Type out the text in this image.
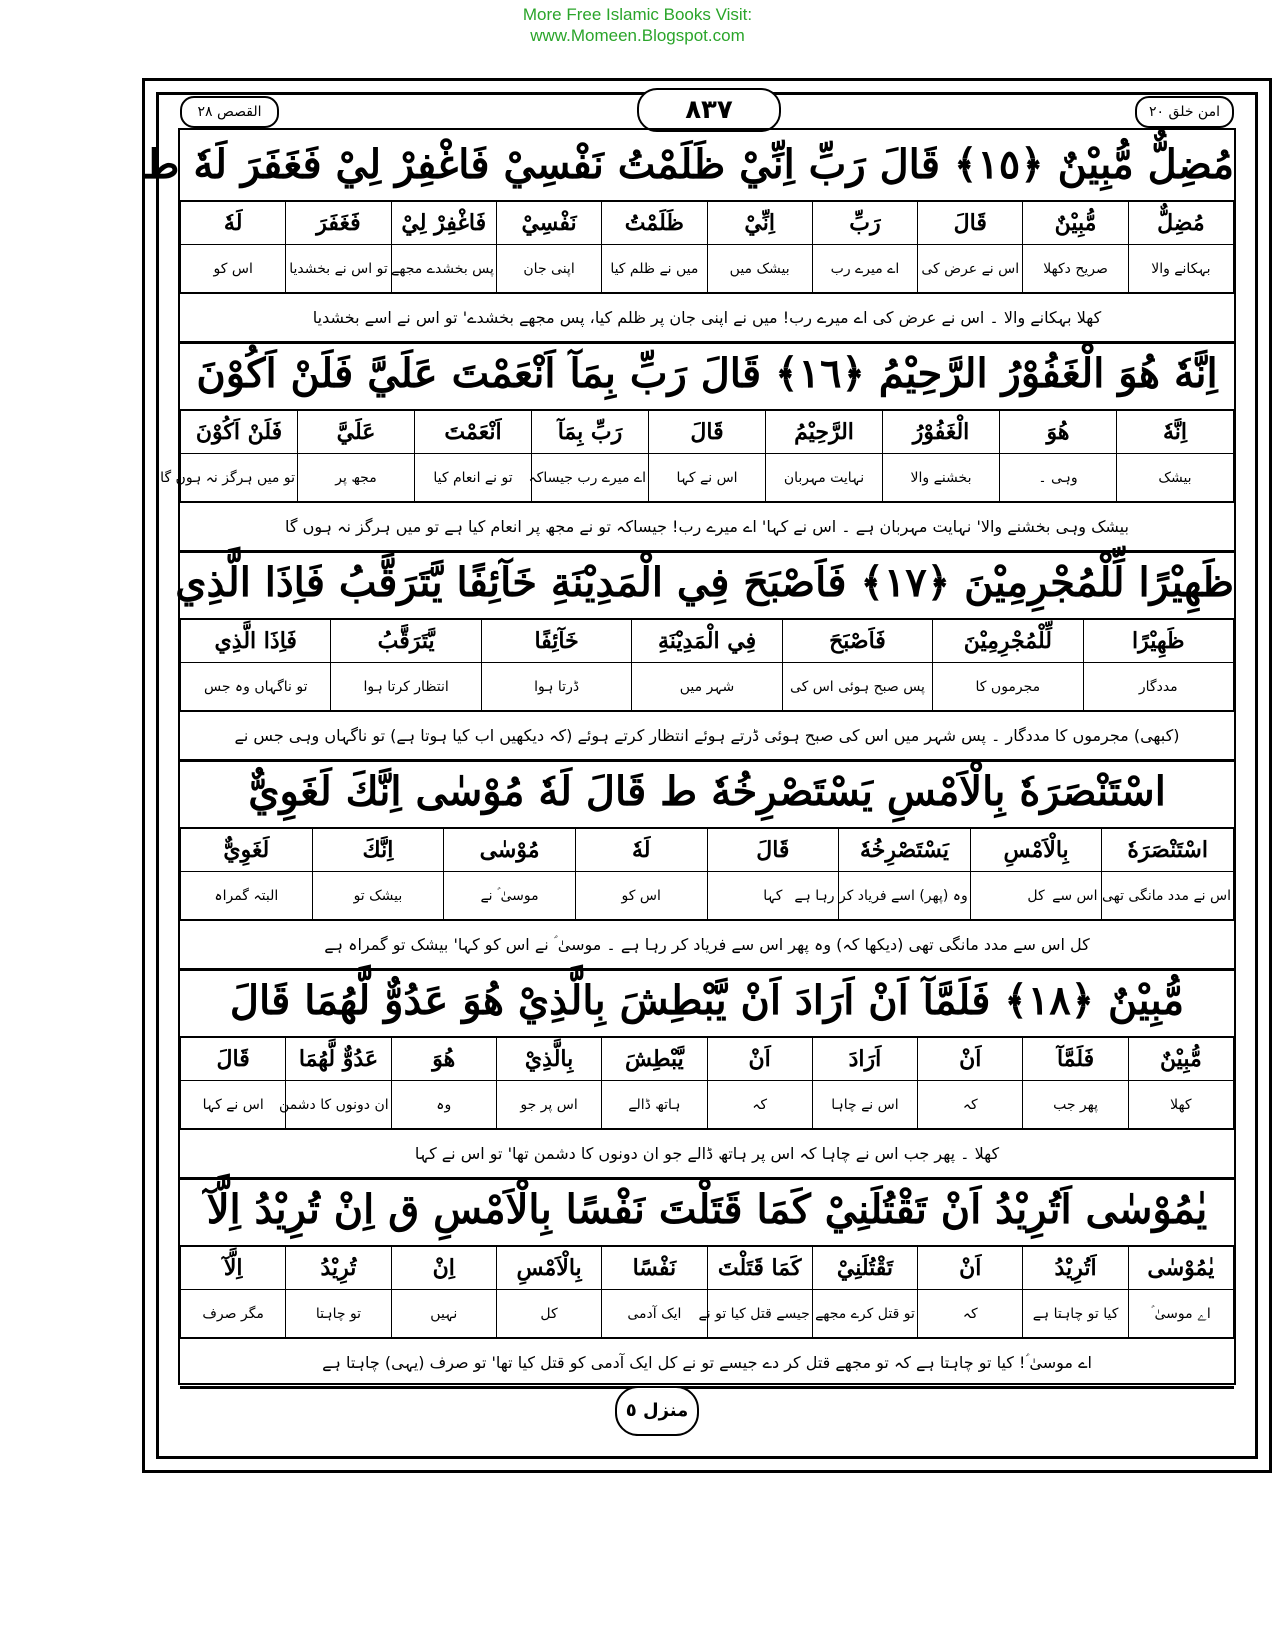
More Free Islamic Books Visit:
www.Momeen.Blogspot.com
القصص ٢٨	٨٣٧	امن خلق ٢٠
مُضِلٌّ مُّبِيْنٌ ﴿١٥﴾ قَالَ رَبِّ اِنِّيْ ظَلَمْتُ نَفْسِيْ فَاغْفِرْ لِيْ فَغَفَرَ لَهٗ ط
مُضِلٌّ	مُّبِيْنٌ	قَالَ	رَبِّ	اِنِّيْ	ظَلَمْتُ	نَفْسِيْ	فَاغْفِرْ لِيْ	فَغَفَرَ	لَهٗ
بہکانے والا	صریح دکھلا	اس نے عرض کی	اے میرے رب	بیشک میں	میں نے ظلم کیا	اپنی جان	پس بخشدے مجھے	تو اس نے بخشدیا	اس کو
کھلا بہکانے والا ۔ اس نے عرض کی اے میرے رب! میں نے اپنی جان پر ظلم کیا، پس مجھے بخشدے' تو اس نے اسے بخشدیا
اِنَّهٗ هُوَ الْغَفُوْرُ الرَّحِيْمُ ﴿١٦﴾ قَالَ رَبِّ بِمَآ اَنْعَمْتَ عَلَيَّ فَلَنْ اَكُوْنَ
اِنَّهٗ	هُوَ	الْغَفُوْرُ	الرَّحِيْمُ	قَالَ	رَبِّ بِمَآ	اَنْعَمْتَ	عَلَيَّ	فَلَنْ اَكُوْنَ
بیشک	وہی ۔	بخشنے والا	نہایت مہربان	اس نے کہا	اے میرے رب جیساکہ	تو نے انعام کیا	مجھ پر	تو میں ہرگز نہ ہوں گا
بیشک وہی بخشنے والا' نہایت مہربان ہے ۔ اس نے کہا' اے میرے رب! جیساکہ تو نے مجھ پر انعام کیا ہے تو میں ہرگز نہ ہوں گا
ظَهِيْرًا لِّلْمُجْرِمِيْنَ ﴿١٧﴾ فَاَصْبَحَ فِي الْمَدِيْنَةِ خَآئِفًا يَّتَرَقَّبُ فَاِذَا الَّذِي
ظَهِيْرًا	لِّلْمُجْرِمِيْنَ	فَاَصْبَحَ	فِي الْمَدِيْنَةِ	خَآئِفًا	يَّتَرَقَّبُ	فَاِذَا الَّذِي
مددگار	مجرموں کا	پس صبح ہوئی اس کی	شہر میں	ڈرتا ہوا	انتظار کرتا ہوا	تو ناگہاں وہ جس
(کبھی) مجرموں کا مددگار ۔ پس شہر میں اس کی صبح ہوئی ڈرتے ہوئے انتظار کرتے ہوئے (کہ دیکھیں اب کیا ہوتا ہے) تو ناگہاں وہی جس نے
اسْتَنْصَرَهٗ بِالْاَمْسِ يَسْتَصْرِخُهٗ ط قَالَ لَهٗ مُوْسٰى اِنَّكَ لَغَوِيٌّ
اسْتَنْصَرَهٗ	بِالْاَمْسِ	يَسْتَصْرِخُهٗ	قَالَ	لَهٗ	مُوْسٰى	اِنَّكَ	لَغَوِيٌّ
اس نے مدد مانگی تھی اس سے	کل	وہ (پھر) اسے فریاد کر رہا ہے	کہا	اس کو	موسیٰ ؑ نے	بیشک تو	البتہ گمراہ
کل اس سے مدد مانگی تھی (دیکھا کہ) وہ پھر اس سے فریاد کر رہا ہے ۔ موسیٰ ؑ نے اس کو کہا' بیشک تو گمراہ ہے
مُّبِيْنٌ ﴿١٨﴾ فَلَمَّآ اَنْ اَرَادَ اَنْ يَّبْطِشَ بِالَّذِيْ هُوَ عَدُوٌّ لَّهُمَا قَالَ
مُّبِيْنٌ	فَلَمَّآ	اَنْ	اَرَادَ	اَنْ	يَّبْطِشَ	بِالَّذِيْ	هُوَ	عَدُوٌّ لَّهُمَا	قَالَ
کھلا	پھر جب	کہ	اس نے چاہا	کہ	ہاتھ ڈالے	اس پر جو	وہ	ان دونوں کا دشمن	اس نے کہا
کھلا ۔ پھر جب اس نے چاہا کہ اس پر ہاتھ ڈالے جو ان دونوں کا دشمن تھا' تو اس نے کہا
يٰمُوْسٰى اَتُرِيْدُ اَنْ تَقْتُلَنِيْ كَمَا قَتَلْتَ نَفْسًا بِالْاَمْسِ ق اِنْ تُرِيْدُ اِلَّآ
يٰمُوْسٰى	اَتُرِيْدُ	اَنْ	تَقْتُلَنِيْ	كَمَا قَتَلْتَ	نَفْسًا	بِالْاَمْسِ	اِنْ	تُرِيْدُ	اِلَّآ
اے موسیٰ ؑ	کیا تو چاہتا ہے	کہ	تو قتل کرے مجھے	جیسے قتل کیا تو نے	ایک آدمی	کل	نہیں	تو چاہتا	مگر صرف
اے موسیٰ ؑ! کیا تو چاہتا ہے کہ تو مجھے قتل کر دے جیسے تو نے کل ایک آدمی کو قتل کیا تھا' تو صرف (یہی) چاہتا ہے
منزل ٥
